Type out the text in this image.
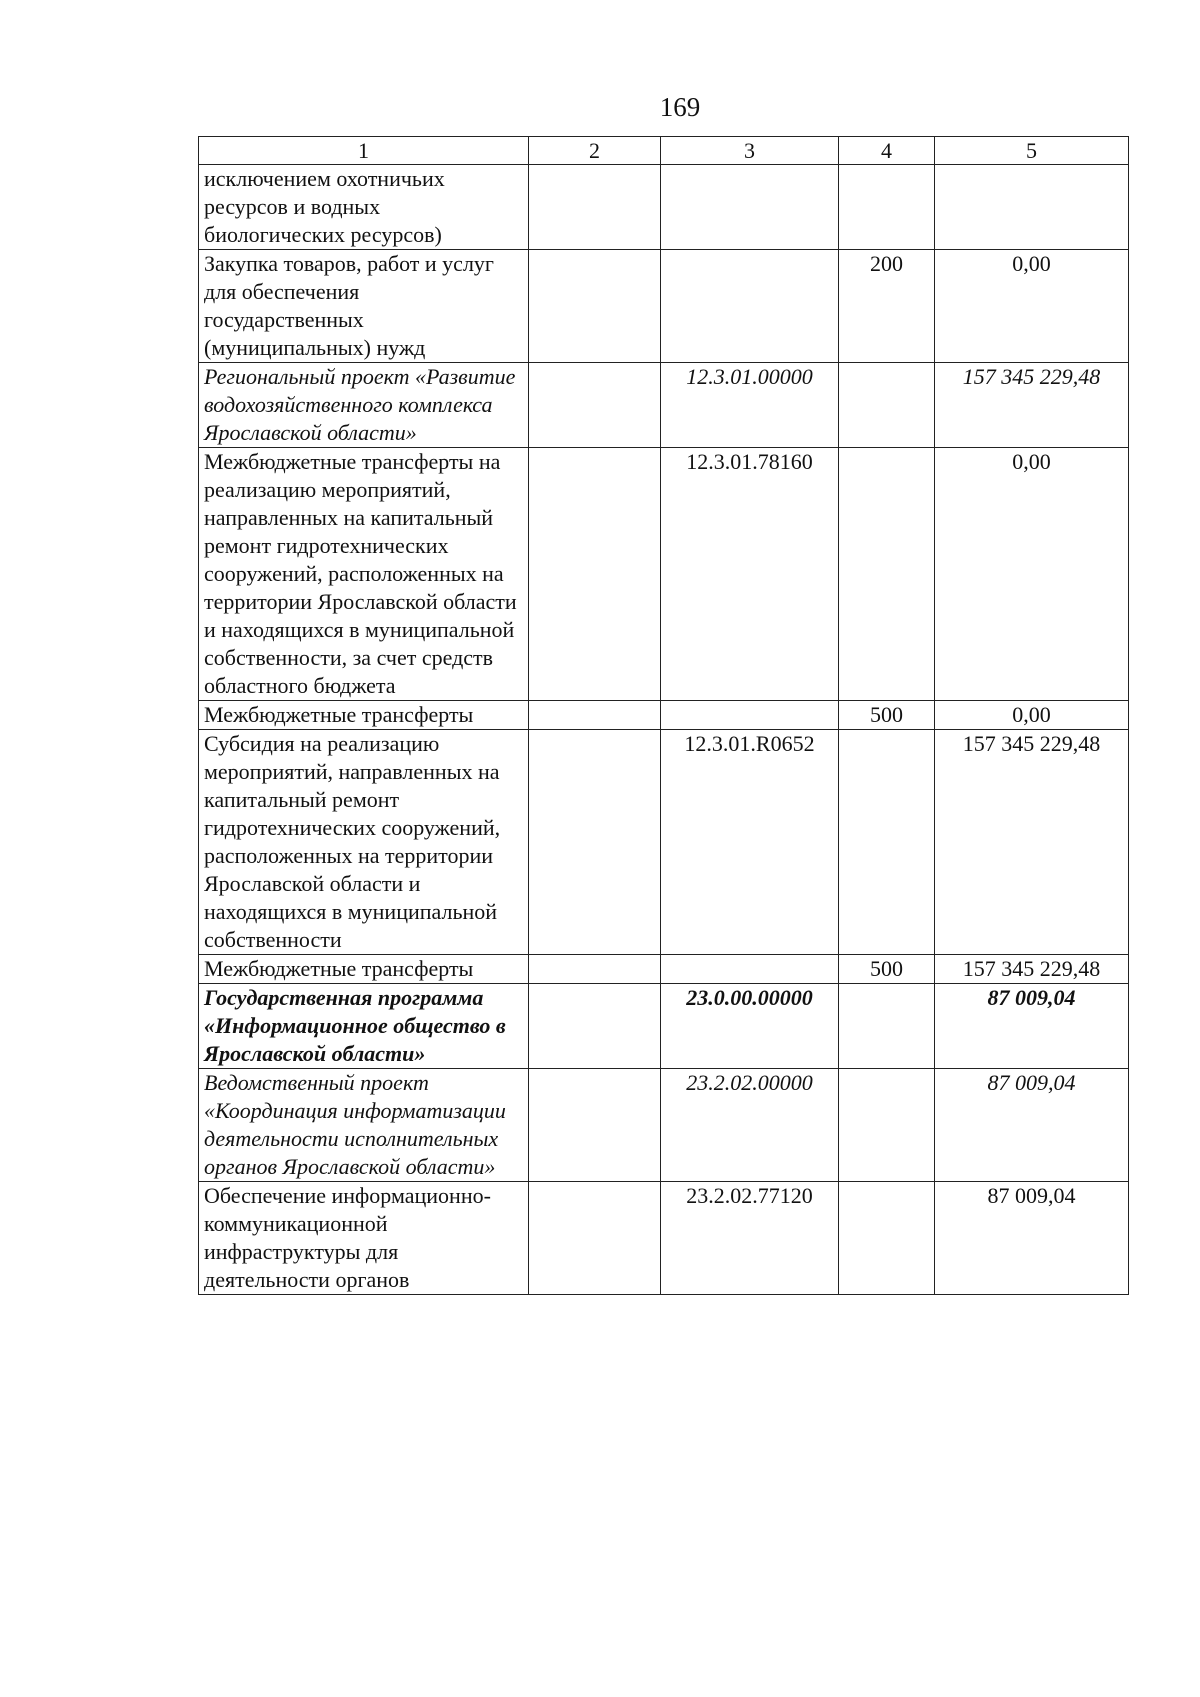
169
1	2	3	4	5
исключением охотничьих ресурсов и водных биологических ресурсов)				
Закупка товаров, работ и услуг для обеспечения государственных (муниципальных) нужд			200	0,00
Региональный проект «Развитие водохозяйственного комплекса Ярославской области»		12.3.01.00000		157 345 229,48
Межбюджетные трансферты на реализацию мероприятий, направленных на капитальный ремонт гидротехнических сооружений, расположенных на территории Ярославской области и находящихся в муниципальной собственности, за счет средств областного бюджета		12.3.01.78160		0,00
Межбюджетные трансферты			500	0,00
Субсидия на реализацию мероприятий, направленных на капитальный ремонт гидротехнических сооружений, расположенных на территории Ярославской области и находящихся в муниципальной собственности		12.3.01.R0652		157 345 229,48
Межбюджетные трансферты			500	157 345 229,48
Государственная программа «Информационное общество в Ярославской области»		23.0.00.00000		87 009,04
Ведомственный проект «Координация информатизации деятельности исполнительных органов Ярославской области»		23.2.02.00000		87 009,04
Обеспечение информационно-коммуникационной инфраструктуры для деятельности органов		23.2.02.77120		87 009,04
